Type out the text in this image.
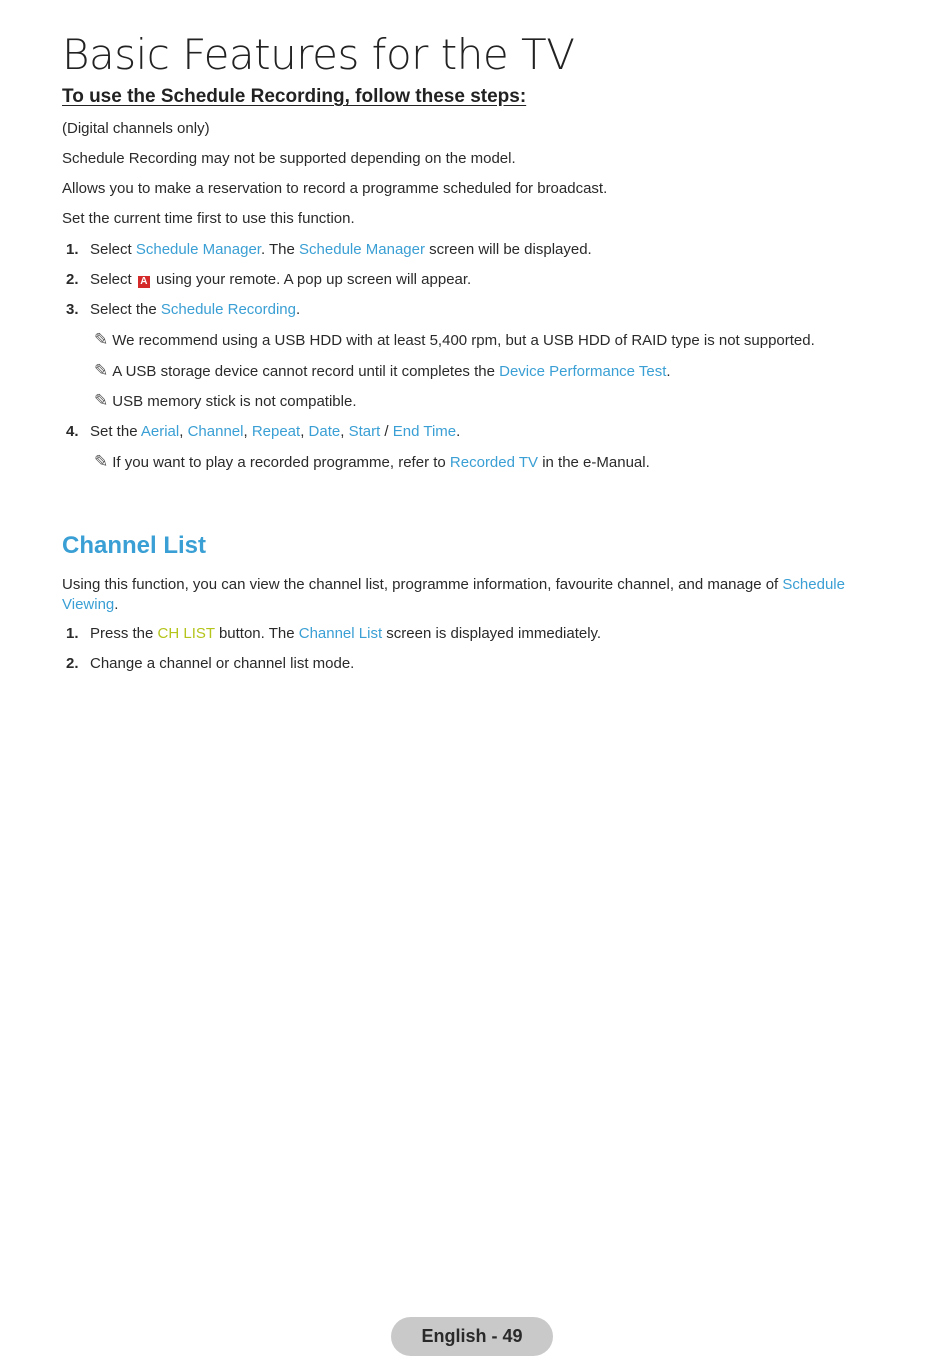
Basic Features for the TV
To use the Schedule Recording, follow these steps:
(Digital channels only)
Schedule Recording may not be supported depending on the model.
Allows you to make a reservation to record a programme scheduled for broadcast.
Set the current time first to use this function.
1. Select Schedule Manager. The Schedule Manager screen will be displayed.
2. Select A using your remote. A pop up screen will appear.
3. Select the Schedule Recording.
✎ We recommend using a USB HDD with at least 5,400 rpm, but a USB HDD of RAID type is not supported.
✎ A USB storage device cannot record until it completes the Device Performance Test.
✎ USB memory stick is not compatible.
4. Set the Aerial, Channel, Repeat, Date, Start / End Time.
✎ If you want to play a recorded programme, refer to Recorded TV in the e-Manual.
Channel List
Using this function, you can view the channel list, programme information, favourite channel, and manage of Schedule Viewing.
1. Press the CH LIST button. The Channel List screen is displayed immediately.
2. Change a channel or channel list mode.
English - 49
